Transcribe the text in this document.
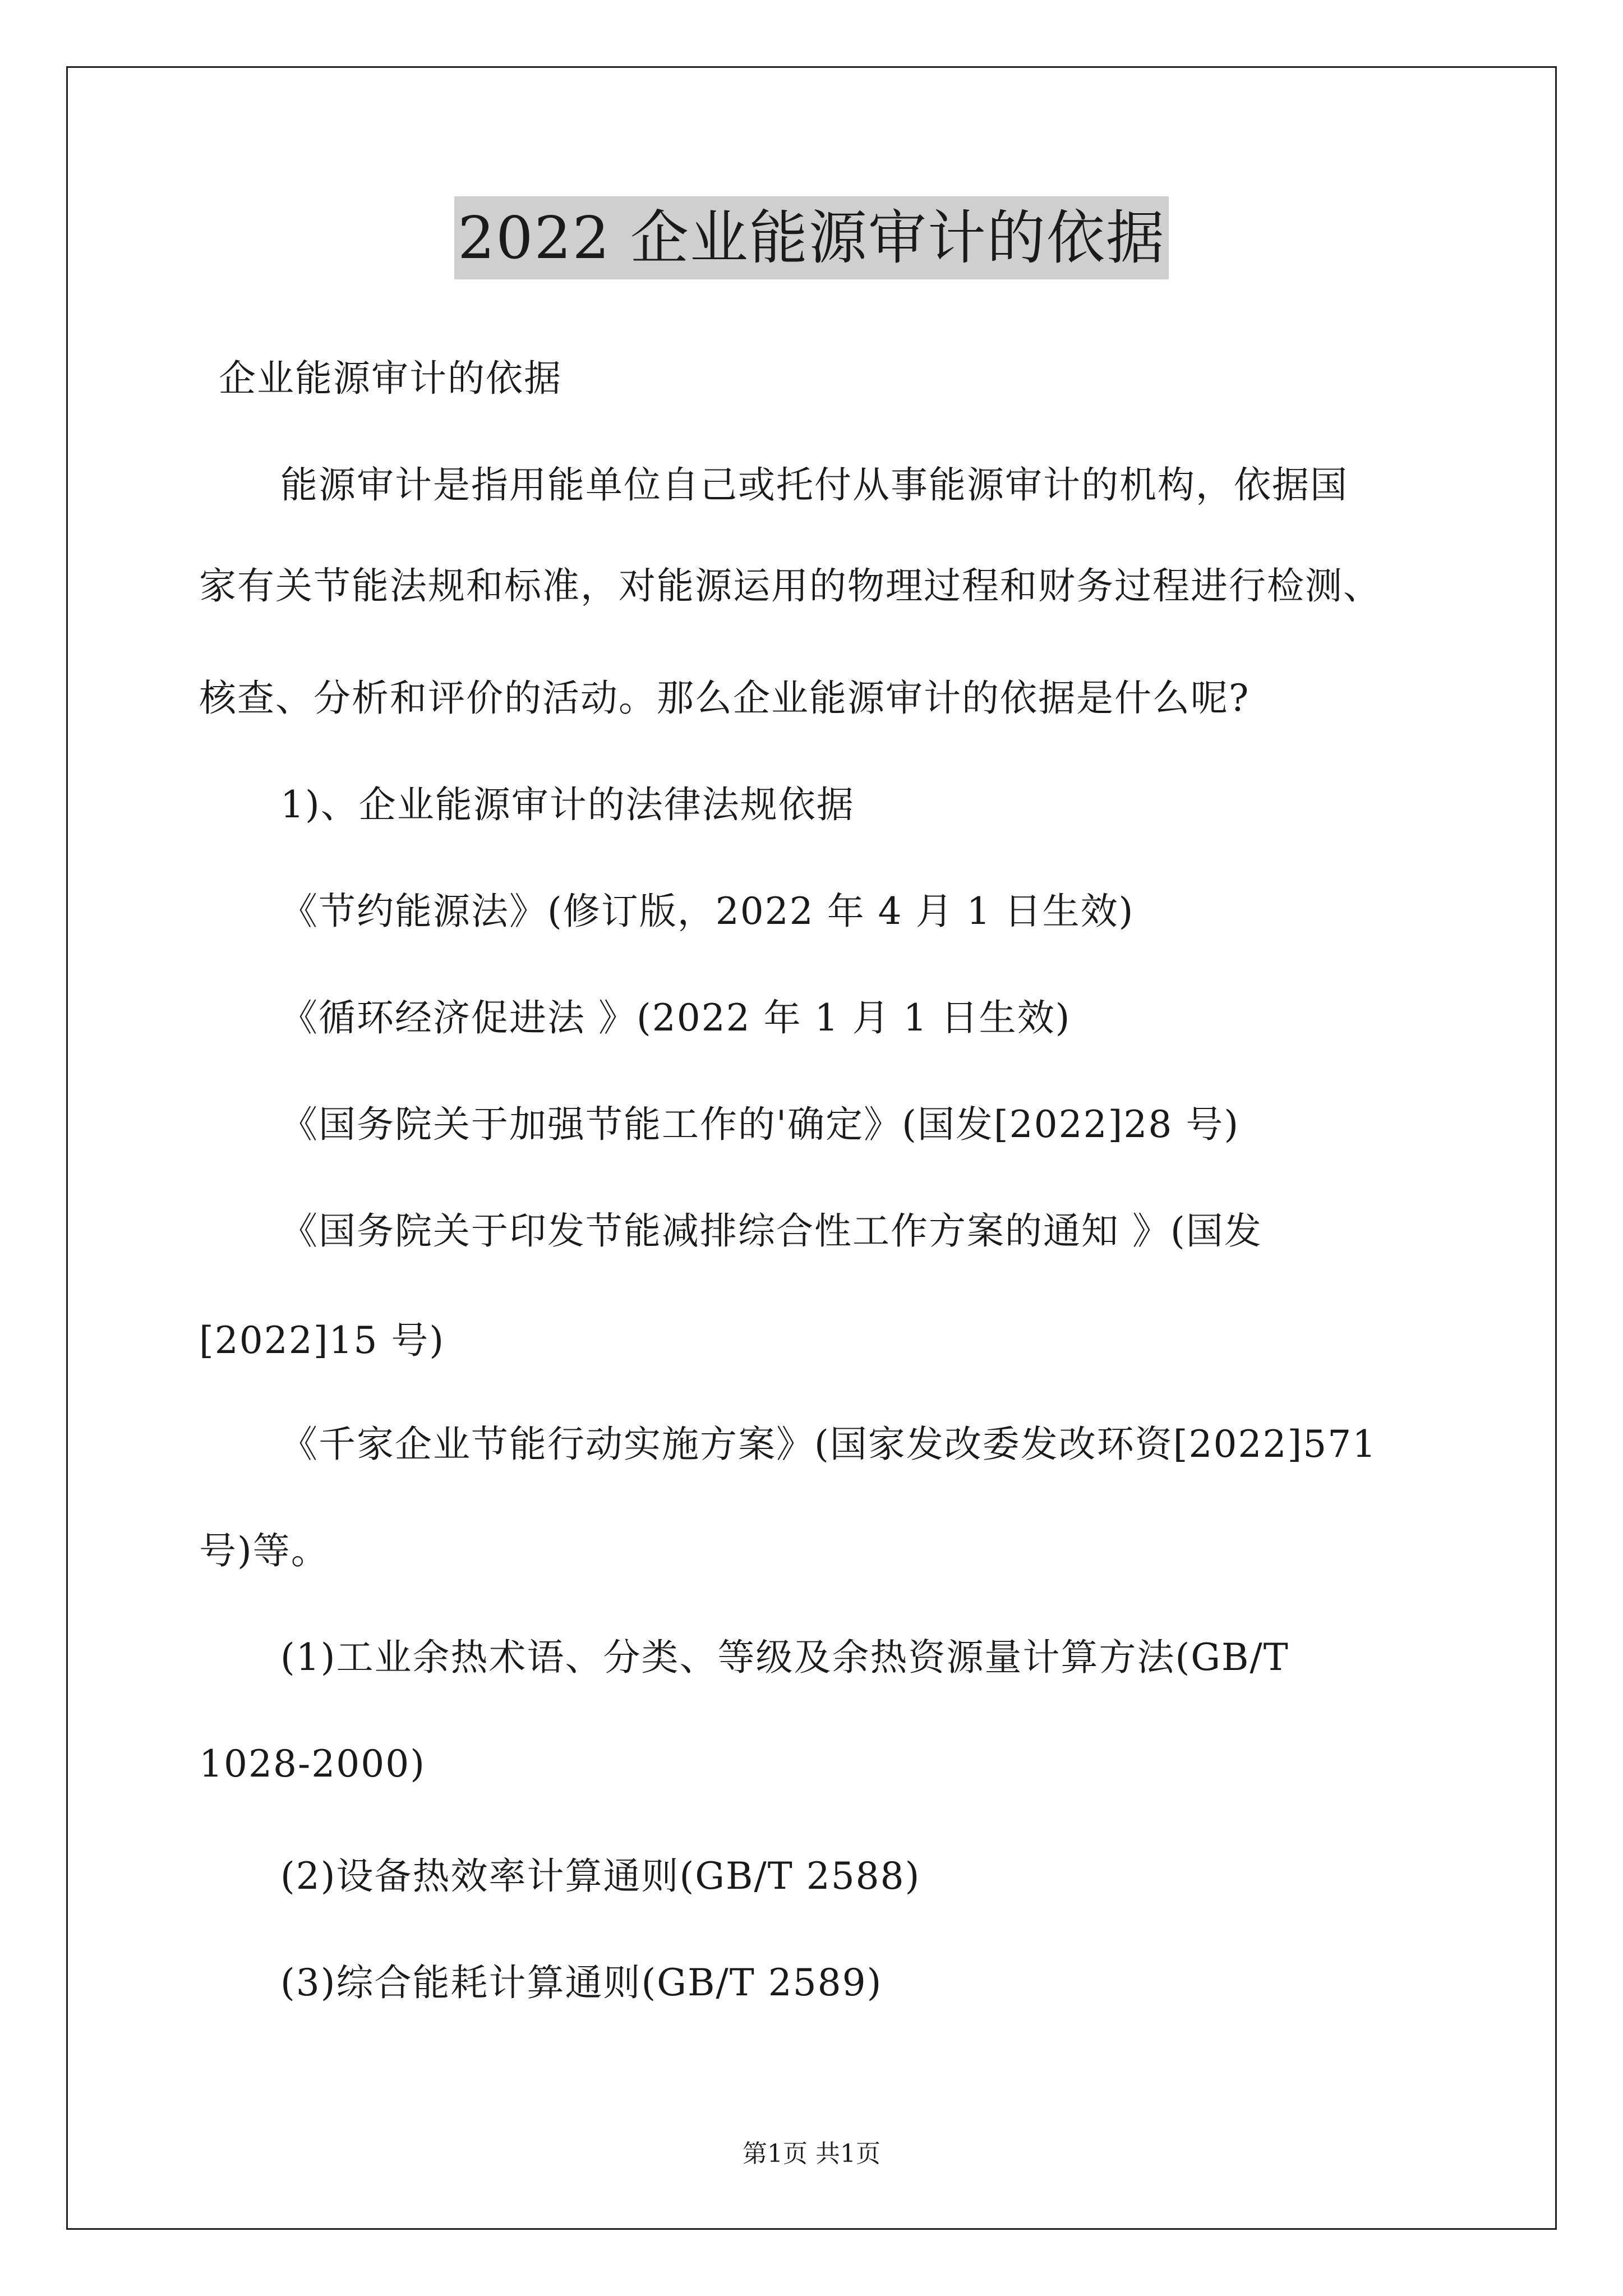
2022 企业能源审计的依据
企业能源审计的依据
能源审计是指用能单位自己或托付从事能源审计的机构，依据国
家有关节能法规和标准，对能源运用的物理过程和财务过程进行检测、
核查、分析和评价的活动。那么企业能源审计的依据是什么呢?
1)、企业能源审计的法律法规依据
《节约能源法》(修订版，2022 年 4 月 1 日生效)
《循环经济促进法 》(2022 年 1 月 1 日生效)
《国务院关于加强节能工作的'确定》(国发[2022]28 号)
《国务院关于印发节能减排综合性工作方案的通知 》(国发
[2022]15 号)
《千家企业节能行动实施方案》(国家发改委发改环资[2022]571
号)等。
(1)工业余热术语、分类、等级及余热资源量计算方法(GB/T
1028-2000)
(2)设备热效率计算通则(GB/T 2588)
(3)综合能耗计算通则(GB/T 2589)
第1页 共1页
